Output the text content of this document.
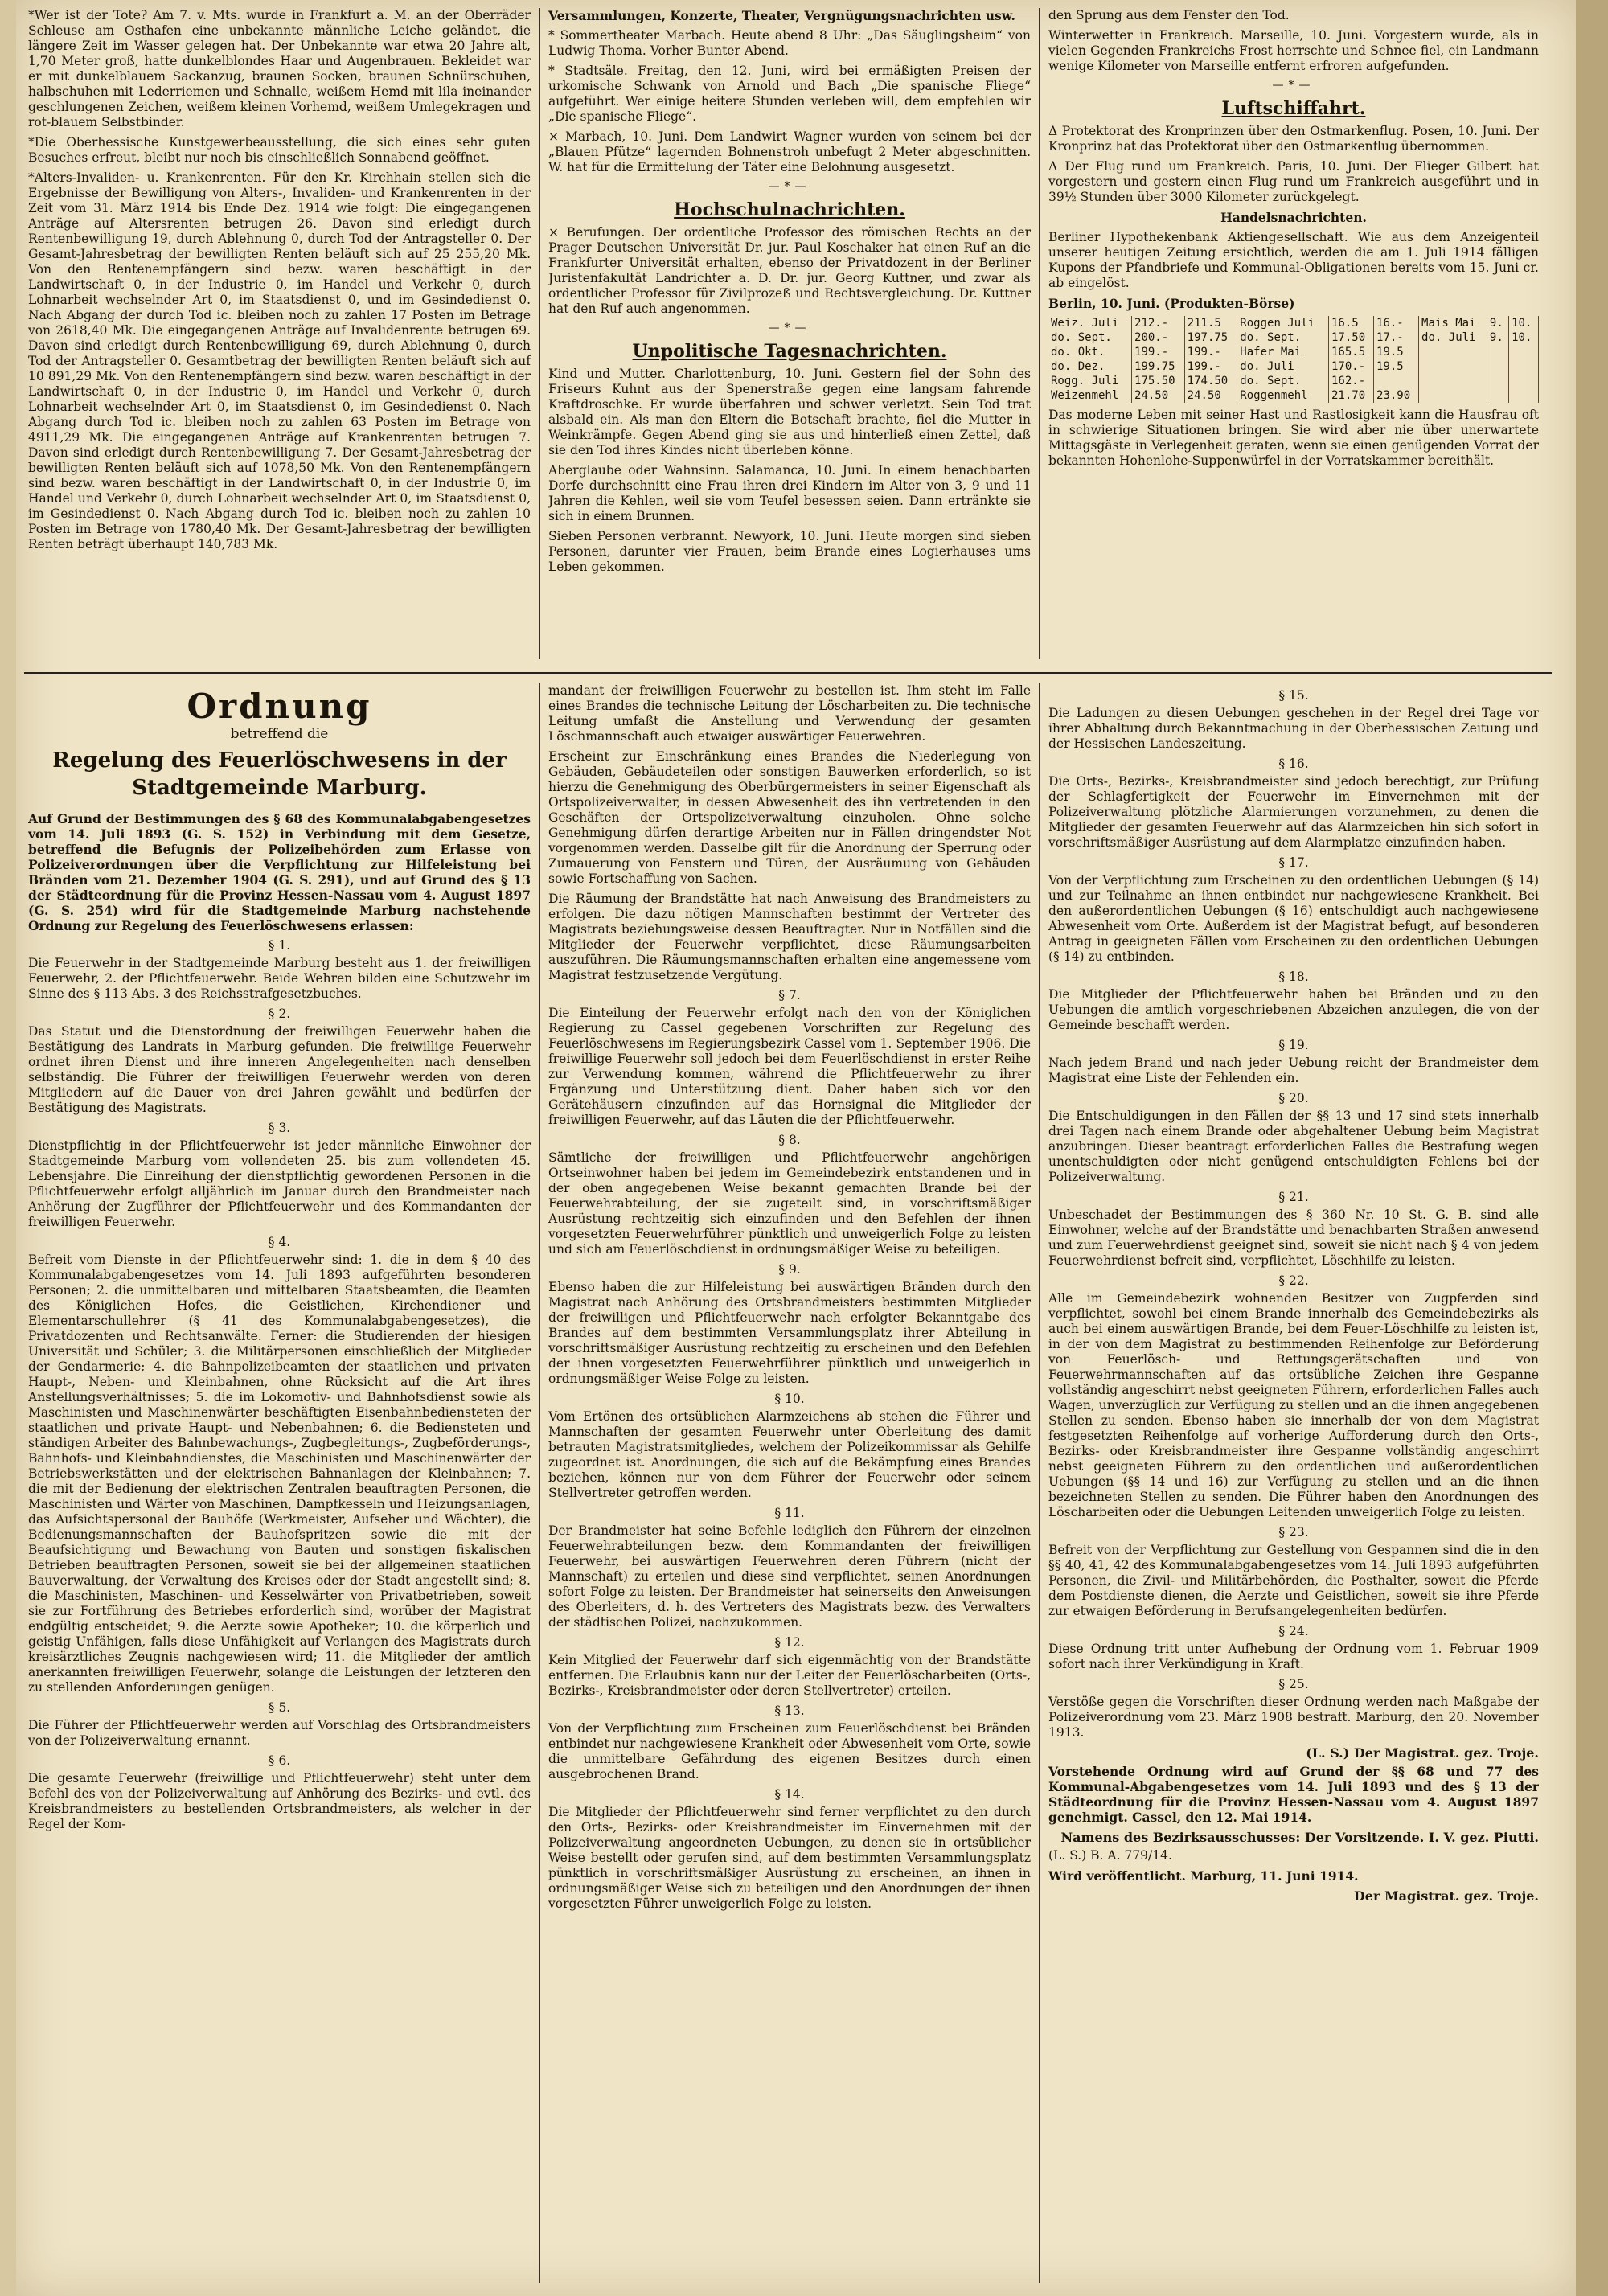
*Wer ist der Tote? Am 7. v. Mts. wurde in Frankfurt a. M. an der Oberräder Schleuse am Osthafen eine unbekannte männliche Leiche geländet, die längere Zeit im Wasser gelegen hat. Der Unbekannte war etwa 20 Jahre alt, 1,70 Meter groß, hatte dunkelblondes Haar und Augenbrauen. Bekleidet war er mit dunkelblauem Sackanzug, braunen Socken, braunen Schnürschuhen, halbschuhen mit Lederriemen und Schnalle, weißem Hemd mit lila ineinander geschlungenen Zeichen, weißem kleinen Vorhemd, weißem Umlegekragen und rot-blauem Selbstbinder.

*Die Oberhessische Kunstgewerbeausstellung, die sich eines sehr guten Besuches erfreut, bleibt nur noch bis einschließlich Sonnabend geöffnet.

*Alters-Invaliden- u. Krankenrenten. Für den Kr. Kirchhain stellen sich die Ergebnisse der Bewilligung von Alters-, Invaliden- und Krankenrenten in der Zeit vom 31. März 1914 bis Ende Dez. 1914 wie folgt: Die eingegangenen Anträge auf Altersrenten betrugen 26. Davon sind erledigt durch Rentenbewilligung 19, durch Ablehnung 0, durch Tod der Antragsteller 0. Der Gesamt-Jahresbetrag der bewilligten Renten beläuft sich auf 25 255,20 Mk. Von den Rentenempfängern sind bezw. waren beschäftigt in der Landwirtschaft 0, in der Industrie 0, im Handel und Verkehr 0, durch Lohnarbeit wechselnder Art 0, im Staatsdienst 0, und im Gesindedienst 0. Nach Abgang der durch Tod ic. bleiben noch zu zahlen 17 Posten im Betrage von 2618,40 Mk. Die eingegangenen Anträge auf Invalidenrente betrugen 69. Davon sind erledigt durch Rentenbewilligung 69, durch Ablehnung 0, durch Tod der Antragsteller 0. Gesamtbetrag der bewilligten Renten beläuft sich auf 10 891,29 Mk. Von den Rentenempfängern sind bezw. waren beschäftigt in der Landwirtschaft 0, in der Industrie 0, im Handel und Verkehr 0, durch Lohnarbeit wechselnder Art 0, im Staatsdienst 0, im Gesindedienst 0. Nach Abgang durch Tod ic. bleiben noch zu zahlen 63 Posten im Betrage von 4911,29 Mk. Die eingegangenen Anträge auf Krankenrenten betrugen 7. Davon sind erledigt durch Rentenbewilligung 7. Der Gesamt-Jahresbetrag der bewilligten Renten beläuft sich auf 1078,50 Mk. Von den Rentenempfängern sind bezw. waren beschäftigt in der Landwirtschaft 0, in der Industrie 0, im Handel und Verkehr 0, durch Lohnarbeit wechselnder Art 0, im Staatsdienst 0, im Gesindedienst 0. Nach Abgang durch Tod ic. bleiben noch zu zahlen 10 Posten im Betrage von 1780,40 Mk. Der Gesamt-Jahresbetrag der bewilligten Renten beträgt überhaupt 140,783 Mk.

Versammlungen, Konzerte, Theater, Vergnügungsnachrichten usw.

* Sommertheater Marbach. Heute abend 8 Uhr: „Das Säuglingsheim“ von Ludwig Thoma. Vorher Bunter Abend.

* Stadtsäle. Freitag, den 12. Juni, wird bei ermäßigten Preisen der urkomische Schwank von Arnold und Bach „Die spanische Fliege“ aufgeführt. Wer einige heitere Stunden verleben will, dem empfehlen wir „Die spanische Fliege“.

× Marbach, 10. Juni. Dem Landwirt Wagner wurden von seinem bei der „Blauen Pfütze“ lagernden Bohnenstroh unbefugt 2 Meter abgeschnitten. W. hat für die Ermittelung der Täter eine Belohnung ausgesetzt.

—*—
Hochschulnachrichten.

× Berufungen. Der ordentliche Professor des römischen Rechts an der Prager Deutschen Universität Dr. jur. Paul Koschaker hat einen Ruf an die Frankfurter Universität erhalten, ebenso der Privatdozent in der Berliner Juristenfakultät Landrichter a. D. Dr. jur. Georg Kuttner, und zwar als ordentlicher Professor für Zivilprozeß und Rechtsvergleichung. Dr. Kuttner hat den Ruf auch angenommen.

—*—
Unpolitische Tagesnachrichten.

Kind und Mutter. Charlottenburg, 10. Juni. Gestern fiel der Sohn des Friseurs Kuhnt aus der Spenerstraße gegen eine langsam fahrende Kraftdroschke. Er wurde überfahren und schwer verletzt. Sein Tod trat alsbald ein. Als man den Eltern die Botschaft brachte, fiel die Mutter in Weinkrämpfe. Gegen Abend ging sie aus und hinterließ einen Zettel, daß sie den Tod ihres Kindes nicht überleben könne.

Aberglaube oder Wahnsinn. Salamanca, 10. Juni. In einem benachbarten Dorfe durchschnitt eine Frau ihren drei Kindern im Alter von 3, 9 und 11 Jahren die Kehlen, weil sie vom Teufel besessen seien. Dann ertränkte sie sich in einem Brunnen.

Sieben Personen verbrannt. Newyork, 10. Juni. Heute morgen sind sieben Personen, darunter vier Frauen, beim Brande eines Logierhauses ums Leben gekommen.

den Sprung aus dem Fenster den Tod.

Winterwetter in Frankreich. Marseille, 10. Juni. Vorgestern wurde, als in vielen Gegenden Frankreichs Frost herrschte und Schnee fiel, ein Landmann wenige Kilometer von Marseille entfernt erfroren aufgefunden.

—*—
Luftschiffahrt.

Δ Protektorat des Kronprinzen über den Ostmarkenflug. Posen, 10. Juni. Der Kronprinz hat das Protektorat über den Ostmarkenflug übernommen.

Δ Der Flug rund um Frankreich. Paris, 10. Juni. Der Flieger Gilbert hat vorgestern und gestern einen Flug rund um Frankreich ausgeführt und in 39½ Stunden über 3000 Kilometer zurückgelegt.

Handelsnachrichten.

Berliner Hypothekenbank Aktiengesellschaft. Wie aus dem Anzeigenteil unserer heutigen Zeitung ersichtlich, werden die am 1. Juli 1914 fälligen Kupons der Pfandbriefe und Kommunal-Obligationen bereits vom 15. Juni cr. ab eingelöst.

Berlin, 10. Juni. (Produkten-Börse)

Weiz. Juli	212.-	211.5	Roggen Juli	16.5	16.-	Mais Mai	9.	10.
do. Sept.	200.-	197.75	do. Sept.	17.50	17.-	do. Juli	9.	10.
do. Okt.	199.-	199.-	Hafer Mai	165.5	19.5			
do. Dez.	199.75	199.-	do. Juli	170.-	19.5			
Rogg. Juli	175.50	174.50	do. Sept.	162.-				
Weizenmehl	24.50	24.50	Roggenmehl	21.70	23.90			

Das moderne Leben mit seiner Hast und Rastlosigkeit kann die Hausfrau oft in schwierige Situationen bringen. Sie wird aber nie über unerwartete Mittagsgäste in Verlegenheit geraten, wenn sie einen genügenden Vorrat der bekannten Hohenlohe-Suppenwürfel in der Vorratskammer bereithält.

Ordnung
betreffend die
Regelung des Feuerlöschwesens in der Stadtgemeinde Marburg.

Auf Grund der Bestimmungen des § 68 des Kommunalabgabengesetzes vom 14. Juli 1893 (G. S. 152) in Verbindung mit dem Gesetze, betreffend die Befugnis der Polizeibehörden zum Erlasse von Polizeiverordnungen über die Verpflichtung zur Hilfeleistung bei Bränden vom 21. Dezember 1904 (G. S. 291), und auf Grund des § 13 der Städteordnung für die Provinz Hessen-Nassau vom 4. August 1897 (G. S. 254) wird für die Stadtgemeinde Marburg nachstehende Ordnung zur Regelung des Feuerlöschwesens erlassen:

§ 1.

Die Feuerwehr in der Stadtgemeinde Marburg besteht aus 1. der freiwilligen Feuerwehr, 2. der Pflichtfeuerwehr. Beide Wehren bilden eine Schutzwehr im Sinne des § 113 Abs. 3 des Reichsstrafgesetzbuches.

§ 2.

Das Statut und die Dienstordnung der freiwilligen Feuerwehr haben die Bestätigung des Landrats in Marburg gefunden. Die freiwillige Feuerwehr ordnet ihren Dienst und ihre inneren Angelegenheiten nach denselben selbständig. Die Führer der freiwilligen Feuerwehr werden von deren Mitgliedern auf die Dauer von drei Jahren gewählt und bedürfen der Bestätigung des Magistrats.

§ 3.

Dienstpflichtig in der Pflichtfeuerwehr ist jeder männliche Einwohner der Stadtgemeinde Marburg vom vollendeten 25. bis zum vollendeten 45. Lebensjahre. Die Einreihung der dienstpflichtig gewordenen Personen in die Pflichtfeuerwehr erfolgt alljährlich im Januar durch den Brandmeister nach Anhörung der Zugführer der Pflichtfeuerwehr und des Kommandanten der freiwilligen Feuerwehr.

§ 4.

Befreit vom Dienste in der Pflichtfeuerwehr sind: 1. die in dem § 40 des Kommunalabgabengesetzes vom 14. Juli 1893 aufgeführten besonderen Personen; 2. die unmittelbaren und mittelbaren Staatsbeamten, die Beamten des Königlichen Hofes, die Geistlichen, Kirchendiener und Elementarschullehrer (§ 41 des Kommunalabgabengesetzes), die Privatdozenten und Rechtsanwälte. Ferner: die Studierenden der hiesigen Universität und Schüler; 3. die Militärpersonen einschließlich der Mitglieder der Gendarmerie; 4. die Bahnpolizeibeamten der staatlichen und privaten Haupt-, Neben- und Kleinbahnen, ohne Rücksicht auf die Art ihres Anstellungsverhältnisses; 5. die im Lokomotiv- und Bahnhofsdienst sowie als Maschinisten und Maschinenwärter beschäftigten Eisenbahnbediensteten der staatlichen und private Haupt- und Nebenbahnen; 6. die Bediensteten und ständigen Arbeiter des Bahnbewachungs-, Zugbegleitungs-, Zugbeförderungs-, Bahnhofs- und Kleinbahndienstes, die Maschinisten und Maschinenwärter der Betriebswerkstätten und der elektrischen Bahnanlagen der Kleinbahnen; 7. die mit der Bedienung der elektrischen Zentralen beauftragten Personen, die Maschinisten und Wärter von Maschinen, Dampfkesseln und Heizungsanlagen, das Aufsichtspersonal der Bauhöfe (Werkmeister, Aufseher und Wächter), die Bedienungsmannschaften der Bauhofspritzen sowie die mit der Beaufsichtigung und Bewachung von Bauten und sonstigen fiskalischen Betrieben beauftragten Personen, soweit sie bei der allgemeinen staatlichen Bauverwaltung, der Verwaltung des Kreises oder der Stadt angestellt sind; 8. die Maschinisten, Maschinen- und Kesselwärter von Privatbetrieben, soweit sie zur Fortführung des Betriebes erforderlich sind, worüber der Magistrat endgültig entscheidet; 9. die Aerzte sowie Apotheker; 10. die körperlich und geistig Unfähigen, falls diese Unfähigkeit auf Verlangen des Magistrats durch kreisärztliches Zeugnis nachgewiesen wird; 11. die Mitglieder der amtlich anerkannten freiwilligen Feuerwehr, solange die Leistungen der letzteren den zu stellenden Anforderungen genügen.

§ 5.

Die Führer der Pflichtfeuerwehr werden auf Vorschlag des Ortsbrandmeisters von der Polizeiverwaltung ernannt.

§ 6.

Die gesamte Feuerwehr (freiwillige und Pflichtfeuerwehr) steht unter dem Befehl des von der Polizeiverwaltung auf Anhörung des Bezirks- und evtl. des Kreisbrandmeisters zu bestellenden Ortsbrandmeisters, als welcher in der Regel der Kom-

mandant der freiwilligen Feuerwehr zu bestellen ist. Ihm steht im Falle eines Brandes die technische Leitung der Löscharbeiten zu. Die technische Leitung umfaßt die Anstellung und Verwendung der gesamten Löschmannschaft auch etwaiger auswärtiger Feuerwehren.

Erscheint zur Einschränkung eines Brandes die Niederlegung von Gebäuden, Gebäudeteilen oder sonstigen Bauwerken erforderlich, so ist hierzu die Genehmigung des Oberbürgermeisters in seiner Eigenschaft als Ortspolizeiverwalter, in dessen Abwesenheit des ihn vertretenden in den Geschäften der Ortspolizeiverwaltung einzuholen. Ohne solche Genehmigung dürfen derartige Arbeiten nur in Fällen dringendster Not vorgenommen werden. Dasselbe gilt für die Anordnung der Sperrung oder Zumauerung von Fenstern und Türen, der Ausräumung von Gebäuden sowie Fortschaffung von Sachen.

Die Räumung der Brandstätte hat nach Anweisung des Brandmeisters zu erfolgen. Die dazu nötigen Mannschaften bestimmt der Vertreter des Magistrats beziehungsweise dessen Beauftragter. Nur in Notfällen sind die Mitglieder der Feuerwehr verpflichtet, diese Räumungsarbeiten auszuführen. Die Räumungsmannschaften erhalten eine angemessene vom Magistrat festzusetzende Vergütung.

§ 7.

Die Einteilung der Feuerwehr erfolgt nach den von der Königlichen Regierung zu Cassel gegebenen Vorschriften zur Regelung des Feuerlöschwesens im Regierungsbezirk Cassel vom 1. September 1906. Die freiwillige Feuerwehr soll jedoch bei dem Feuerlöschdienst in erster Reihe zur Verwendung kommen, während die Pflichtfeuerwehr zu ihrer Ergänzung und Unterstützung dient. Daher haben sich vor den Gerätehäusern einzufinden auf das Hornsignal die Mitglieder der freiwilligen Feuerwehr, auf das Läuten die der Pflichtfeuerwehr.

§ 8.

Sämtliche der freiwilligen und Pflichtfeuerwehr angehörigen Ortseinwohner haben bei jedem im Gemeindebezirk entstandenen und in der oben angegebenen Weise bekannt gemachten Brande bei der Feuerwehrabteilung, der sie zugeteilt sind, in vorschriftsmäßiger Ausrüstung rechtzeitig sich einzufinden und den Befehlen der ihnen vorgesetzten Feuerwehrführer pünktlich und unweigerlich Folge zu leisten und sich am Feuerlöschdienst in ordnungsmäßiger Weise zu beteiligen.

§ 9.

Ebenso haben die zur Hilfeleistung bei auswärtigen Bränden durch den Magistrat nach Anhörung des Ortsbrandmeisters bestimmten Mitglieder der freiwilligen und Pflichtfeuerwehr nach erfolgter Bekanntgabe des Brandes auf dem bestimmten Versammlungsplatz ihrer Abteilung in vorschriftsmäßiger Ausrüstung rechtzeitig zu erscheinen und den Befehlen der ihnen vorgesetzten Feuerwehrführer pünktlich und unweigerlich in ordnungsmäßiger Weise Folge zu leisten.

§ 10.

Vom Ertönen des ortsüblichen Alarmzeichens ab stehen die Führer und Mannschaften der gesamten Feuerwehr unter Oberleitung des damit betrauten Magistratsmitgliedes, welchem der Polizeikommissar als Gehilfe zugeordnet ist. Anordnungen, die sich auf die Bekämpfung eines Brandes beziehen, können nur von dem Führer der Feuerwehr oder seinem Stellvertreter getroffen werden.

§ 11.

Der Brandmeister hat seine Befehle lediglich den Führern der einzelnen Feuerwehrabteilungen bezw. dem Kommandanten der freiwilligen Feuerwehr, bei auswärtigen Feuerwehren deren Führern (nicht der Mannschaft) zu erteilen und diese sind verpflichtet, seinen Anordnungen sofort Folge zu leisten. Der Brandmeister hat seinerseits den Anweisungen des Oberleiters, d. h. des Vertreters des Magistrats bezw. des Verwalters der städtischen Polizei, nachzukommen.

§ 12.

Kein Mitglied der Feuerwehr darf sich eigenmächtig von der Brandstätte entfernen. Die Erlaubnis kann nur der Leiter der Feuerlöscharbeiten (Orts-, Bezirks-, Kreisbrandmeister oder deren Stellvertreter) erteilen.

§ 13.

Von der Verpflichtung zum Erscheinen zum Feuerlöschdienst bei Bränden entbindet nur nachgewiesene Krankheit oder Abwesenheit vom Orte, sowie die unmittelbare Gefährdung des eigenen Besitzes durch einen ausgebrochenen Brand.

§ 14.

Die Mitglieder der Pflichtfeuerwehr sind ferner verpflichtet zu den durch den Orts-, Bezirks- oder Kreisbrandmeister im Einvernehmen mit der Polizeiverwaltung angeordneten Uebungen, zu denen sie in ortsüblicher Weise bestellt oder gerufen sind, auf dem bestimmten Versammlungsplatz pünktlich in vorschriftsmäßiger Ausrüstung zu erscheinen, an ihnen in ordnungsmäßiger Weise sich zu beteiligen und den Anordnungen der ihnen vorgesetzten Führer unweigerlich Folge zu leisten.

§ 15.

Die Ladungen zu diesen Uebungen geschehen in der Regel drei Tage vor ihrer Abhaltung durch Bekanntmachung in der Oberhessischen Zeitung und der Hessischen Landeszeitung.

§ 16.

Die Orts-, Bezirks-, Kreisbrandmeister sind jedoch berechtigt, zur Prüfung der Schlagfertigkeit der Feuerwehr im Einvernehmen mit der Polizeiverwaltung plötzliche Alarmierungen vorzunehmen, zu denen die Mitglieder der gesamten Feuerwehr auf das Alarmzeichen hin sich sofort in vorschriftsmäßiger Ausrüstung auf dem Alarmplatze einzufinden haben.

§ 17.

Von der Verpflichtung zum Erscheinen zu den ordentlichen Uebungen (§ 14) und zur Teilnahme an ihnen entbindet nur nachgewiesene Krankheit. Bei den außerordentlichen Uebungen (§ 16) entschuldigt auch nachgewiesene Abwesenheit vom Orte. Außerdem ist der Magistrat befugt, auf besonderen Antrag in geeigneten Fällen vom Erscheinen zu den ordentlichen Uebungen (§ 14) zu entbinden.

§ 18.

Die Mitglieder der Pflichtfeuerwehr haben bei Bränden und zu den Uebungen die amtlich vorgeschriebenen Abzeichen anzulegen, die von der Gemeinde beschafft werden.

§ 19.

Nach jedem Brand und nach jeder Uebung reicht der Brandmeister dem Magistrat eine Liste der Fehlenden ein.

§ 20.

Die Entschuldigungen in den Fällen der §§ 13 und 17 sind stets innerhalb drei Tagen nach einem Brande oder abgehaltener Uebung beim Magistrat anzubringen. Dieser beantragt erforderlichen Falles die Bestrafung wegen unentschuldigten oder nicht genügend entschuldigten Fehlens bei der Polizeiverwaltung.

§ 21.

Unbeschadet der Bestimmungen des § 360 Nr. 10 St. G. B. sind alle Einwohner, welche auf der Brandstätte und benachbarten Straßen anwesend und zum Feuerwehrdienst geeignet sind, soweit sie nicht nach § 4 von jedem Feuerwehrdienst befreit sind, verpflichtet, Löschhilfe zu leisten.

§ 22.

Alle im Gemeindebezirk wohnenden Besitzer von Zugpferden sind verpflichtet, sowohl bei einem Brande innerhalb des Gemeindebezirks als auch bei einem auswärtigen Brande, bei dem Feuer-Löschhilfe zu leisten ist, in der von dem Magistrat zu bestimmenden Reihenfolge zur Beförderung von Feuerlösch- und Rettungsgerätschaften und von Feuerwehrmannschaften auf das ortsübliche Zeichen ihre Gespanne vollständig angeschirrt nebst geeigneten Führern, erforderlichen Falles auch Wagen, unverzüglich zur Verfügung zu stellen und an die ihnen angegebenen Stellen zu senden. Ebenso haben sie innerhalb der von dem Magistrat festgesetzten Reihenfolge auf vorherige Aufforderung durch den Orts-, Bezirks- oder Kreisbrandmeister ihre Gespanne vollständig angeschirrt nebst geeigneten Führern zu den ordentlichen und außerordentlichen Uebungen (§§ 14 und 16) zur Verfügung zu stellen und an die ihnen bezeichneten Stellen zu senden. Die Führer haben den Anordnungen des Löscharbeiten oder die Uebungen Leitenden unweigerlich Folge zu leisten.

§ 23.

Befreit von der Verpflichtung zur Gestellung von Gespannen sind die in den §§ 40, 41, 42 des Kommunalabgabengesetzes vom 14. Juli 1893 aufgeführten Personen, die Zivil- und Militärbehörden, die Posthalter, soweit die Pferde dem Postdienste dienen, die Aerzte und Geistlichen, soweit sie ihre Pferde zur etwaigen Beförderung in Berufsangelegenheiten bedürfen.

§ 24.

Diese Ordnung tritt unter Aufhebung der Ordnung vom 1. Februar 1909 sofort nach ihrer Verkündigung in Kraft.

§ 25.

Verstöße gegen die Vorschriften dieser Ordnung werden nach Maßgabe der Polizeiverordnung vom 23. März 1908 bestraft. Marburg, den 20. November 1913.

(L. S.) Der Magistrat. gez. Troje.

Vorstehende Ordnung wird auf Grund der §§ 68 und 77 des Kommunal-Abgabengesetzes vom 14. Juli 1893 und des § 13 der Städteordnung für die Provinz Hessen-Nassau vom 4. August 1897 genehmigt. Cassel, den 12. Mai 1914.

Namens des Bezirksausschusses: Der Vorsitzende. I. V. gez. Piutti.

(L. S.) B. A. 779/14.

Wird veröffentlicht. Marburg, 11. Juni 1914.

Der Magistrat. gez. Troje.
